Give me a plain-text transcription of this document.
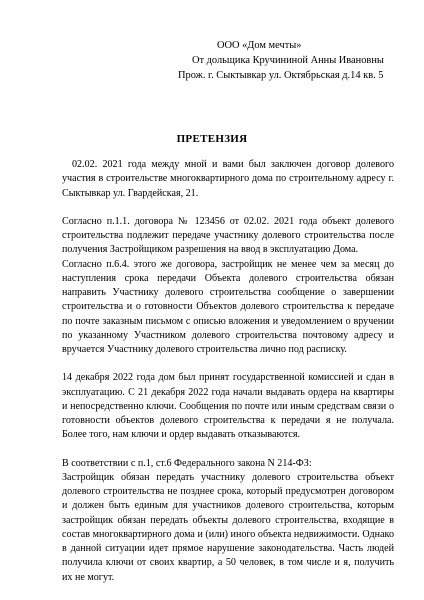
ООО «Дом мечты»
От дольщика Кручининой Анны Ивановны
Прож. г. Сыктывкар ул. Октябрьская д.14 кв. 5
ПРЕТЕНЗИЯ

02.02. 2021 года между мной и вами был заключен договор долевого участия в строительстве многоквартирного дома по строительному адресу г. Сыктывкар ул. Гвардейская, 21.

Согласно п.1.1. договора № 123456 от 02.02. 2021 года объект долевого строительства подлежит передаче участнику долевого строительства после получения Застройщиком разрешения на ввод в эксплуатацию Дома.

Согласно п.6.4. этого же договора, застройщик не менее чем за месяц до наступления срока передачи Объекта долевого строительства обязан направить Участнику долевого строительства сообщение о завершении строительства и о готовности Объектов долевого строительства к передаче по почте заказным письмом с описью вложения и уведомлением о вручении по указанному Участником долевого строительства почтовому адресу и вручается Участнику долевого строительства лично под расписку.

14 декабря 2022 года дом был принят государственной комиссией и сдан в эксплуатацию. С 21 декабря 2022 года начали выдавать ордера на квартиры и непосредственно ключи. Сообщения по почте или иным средствам связи о готовности объектов долевого строительства к передачи я не получала. Более того, нам ключи и ордер выдавать отказываются.

В соответствии с п.1, ст.6 Федерального закона N 214-ФЗ:

Застройщик обязан передать участнику долевого строительства объект долевого строительства не позднее срока, который предусмотрен договором и должен быть единым для участников долевого строительства, которым застройщик обязан передать объекты долевого строительства, входящие в состав многоквартирного дома и (или) иного объекта недвижимости. Однако в данной ситуации идет прямое нарушение законодательства. Часть людей получила ключи от своих квартир, а 50 человек, в том числе и я, получить их не могут.
